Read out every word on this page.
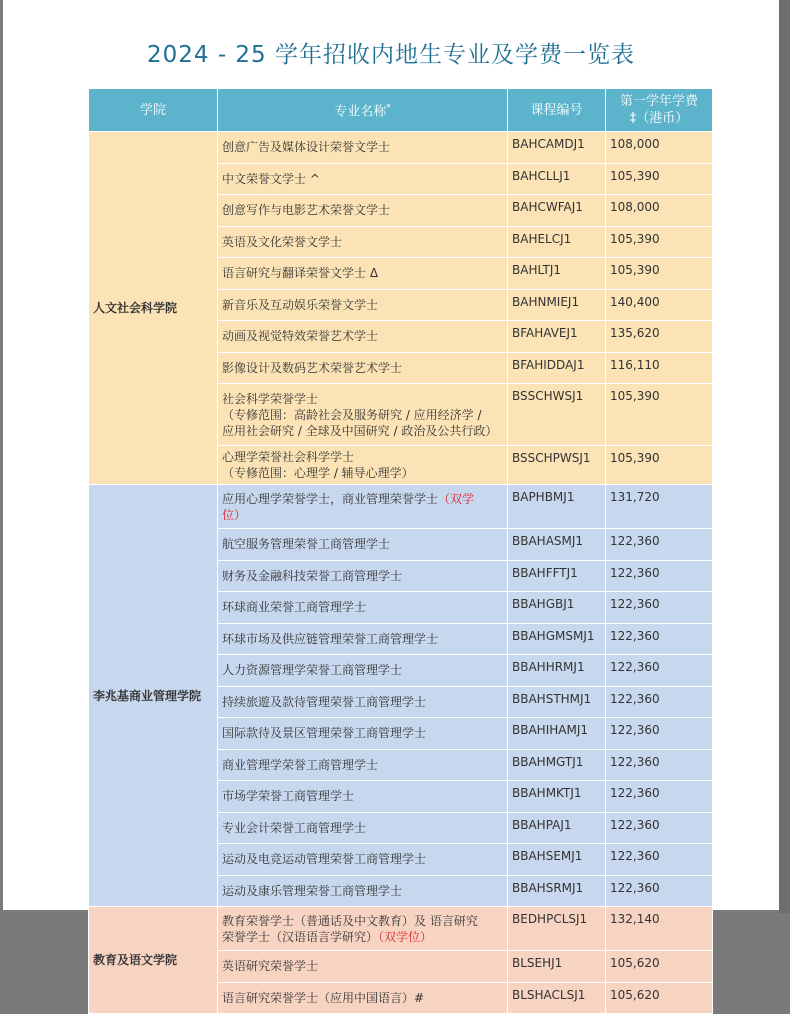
2024 - 25 学年招收内地生专业及学费一览表
学院	专业名称*	课程编号	第一学年学费
‡（港币）

人文社会科学院	创意广告及媒体设计荣誉文学士	BAHCAMDJ1	108,000
	中文荣誉文学士 ^	BAHCLLJ1	105,390
	创意写作与电影艺术荣誉文学士	BAHCWFAJ1	108,000
	英语及文化荣誉文学士	BAHELCJ1	105,390
	语言研究与翻译荣誉文学士 Δ	BAHLTJ1	105,390
	新音乐及互动娱乐荣誉文学士	BAHNMIEJ1	140,400
	动画及视觉特效荣誉艺术学士	BFAHAVEJ1	135,620
	影像设计及数码艺术荣誉艺术学士	BFAHIDDAJ1	116,110
	社会科学荣誉学士
（专修范围：高龄社会及服务研究 / 应用经济学 /
应用社会研究 / 全球及中国研究 / 政治及公共行政）	BSSCHWSJ1	105,390
	心理学荣誉社会科学学士
（专修范围：心理学 / 辅导心理学）	BSSCHPWSJ1	105,390
李兆基商业管理学院	应用心理学荣誉学士，商业管理荣誉学士（双学
位）	BAPHBMJ1	131,720
	航空服务管理荣誉工商管理学士	BBAHASMJ1	122,360
	财务及金融科技荣誉工商管理学士	BBAHFFTJ1	122,360
	环球商业荣誉工商管理学士	BBAHGBJ1	122,360
	环球市场及供应链管理荣誉工商管理学士	BBAHGMSMJ1	122,360
	人力资源管理学荣誉工商管理学士	BBAHHRMJ1	122,360
	持续旅遊及款待管理荣誉工商管理学士	BBAHSTHMJ1	122,360
	国际款待及景区管理荣誉工商管理学士	BBAHIHAMJ1	122,360
	商业管理学荣誉工商管理学士	BBAHMGTJ1	122,360
	市场学荣誉工商管理学士	BBAHMKTJ1	122,360
	专业会计荣誉工商管理学士	BBAHPAJ1	122,360
	运动及电竞运动管理荣誉工商管理学士	BBAHSEMJ1	122,360
	运动及康乐管理荣誉工商管理学士	BBAHSRMJ1	122,360
教育及语文学院	教育荣誉学士（普通话及中文教育）及 语言研究
荣誉学士（汉语语言学研究）（双学位）	BEDHPCLSJ1	132,140
	英语研究荣誉学士	BLSEHJ1	105,620
	语言研究荣誉学士（应用中国语言）#	BLSHACLSJ1	105,620
